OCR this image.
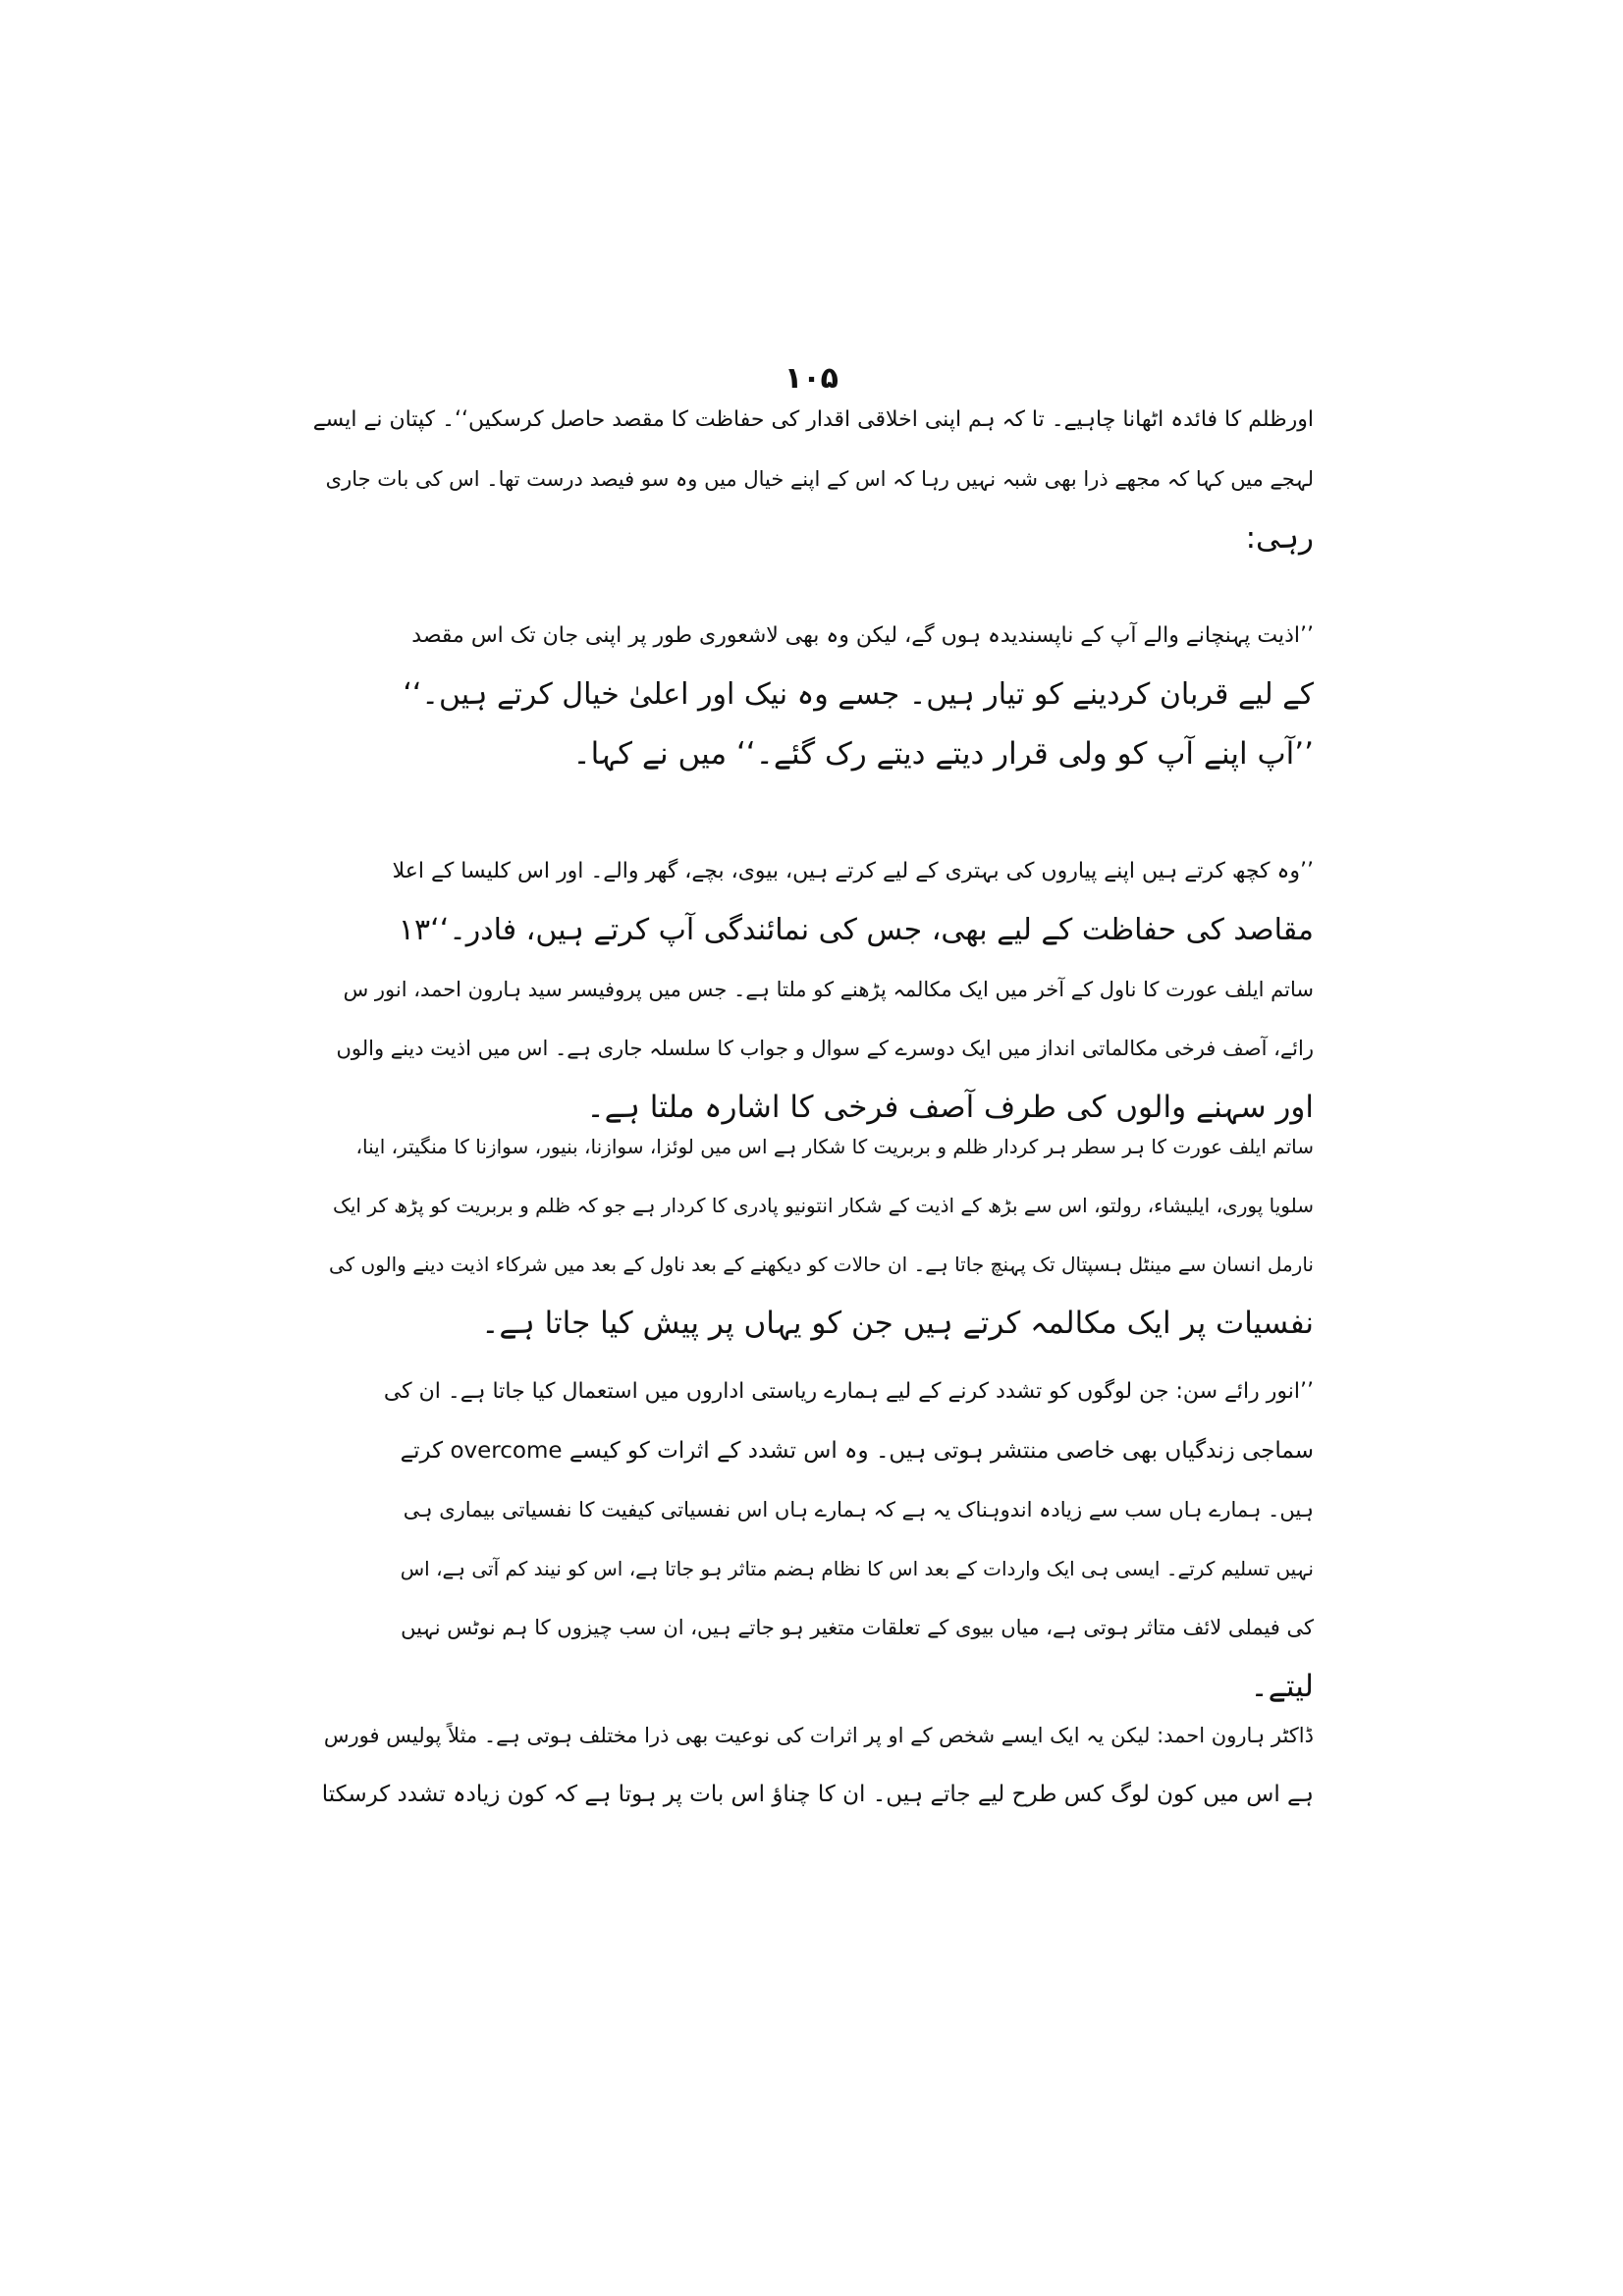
۱۰۵
اورظلم کا فائدہ اٹھانا چاہیے۔ تا کہ ہم اپنی اخلاقی اقدار کی حفاظت کا مقصد حاصل کرسکیں‘‘۔ کپتان نے ایسے
لہجے میں کہا کہ مجھے ذرا بھی شبہ نہیں رہا کہ اس کے اپنے خیال میں وہ سو فیصد درست تھا۔ اس کی بات جاری
رہی:
’’اذیت پہنچانے والے آپ کے ناپسندیدہ ہوں گے، لیکن وہ بھی لاشعوری طور پر اپنی جان تک اس مقصد
کے لیے قربان کردینے کو تیار ہیں۔ جسے وہ نیک اور اعلیٰ خیال کرتے ہیں۔‘‘
’’آپ اپنے آپ کو ولی قرار دیتے دیتے رک گئے۔‘‘ میں نے کہا۔
’’وہ کچھ کرتے ہیں اپنے پیاروں کی بہتری کے لیے کرتے ہیں، بیوی، بچے، گھر والے۔ اور اس کلیسا کے اعلا
مقاصد کی حفاظت کے لیے بھی، جس کی نمائندگی آپ کرتے ہیں، فادر۔‘‘۱۳
ساتم ایلف عورت کا ناول کے آخر میں ایک مکالمہ پڑھنے کو ملتا ہے۔ جس میں پروفیسر سید ہارون احمد، انور س
رائے، آصف فرخی مکالماتی انداز میں ایک دوسرے کے سوال و جواب کا سلسلہ جاری ہے۔ اس میں اذیت دینے والوں
اور سہنے والوں کی طرف آصف فرخی کا اشارہ ملتا ہے۔
ساتم ایلف عورت کا ہر سطر ہر کردار ظلم و بربریت کا شکار ہے اس میں لوئزا، سوازنا، بنیور، سوازنا کا منگیتر، اینا،
سلویا پوری، ایلیشاء، رولتو، اس سے بڑھ کے اذیت کے شکار انتونیو پادری کا کردار ہے جو کہ ظلم و بربریت کو پڑھ کر ایک
نارمل انسان سے مینٹل ہسپتال تک پہنچ جاتا ہے۔ ان حالات کو دیکھنے کے بعد ناول کے بعد میں شرکاء اذیت دینے والوں کی
نفسیات پر ایک مکالمہ کرتے ہیں جن کو یہاں پر پیش کیا جاتا ہے۔
’’انور رائے سن: جن لوگوں کو تشدد کرنے کے لیے ہمارے ریاستی اداروں میں استعمال کیا جاتا ہے۔ ان کی
سماجی زندگیاں بھی خاصی منتشر ہوتی ہیں۔ وہ اس تشدد کے اثرات کو کیسے overcome کرتے
ہیں۔ ہمارے ہاں سب سے زیادہ اندوہناک یہ ہے کہ ہمارے ہاں اس نفسیاتی کیفیت کا نفسیاتی بیماری ہی
نہیں تسلیم کرتے۔ ایسی ہی ایک واردات کے بعد اس کا نظام ہضم متاثر ہو جاتا ہے، اس کو نیند کم آتی ہے، اس
کی فیملی لائف متاثر ہوتی ہے، میاں بیوی کے تعلقات متغیر ہو جاتے ہیں، ان سب چیزوں کا ہم نوٹس نہیں
لیتے۔
ڈاکٹر ہارون احمد: لیکن یہ ایک ایسے شخص کے او پر اثرات کی نوعیت بھی ذرا مختلف ہوتی ہے۔ مثلاً پولیس فورس
ہے اس میں کون لوگ کس طرح لیے جاتے ہیں۔ ان کا چناؤ اس بات پر ہوتا ہے کہ کون زیادہ تشدد کرسکتا
